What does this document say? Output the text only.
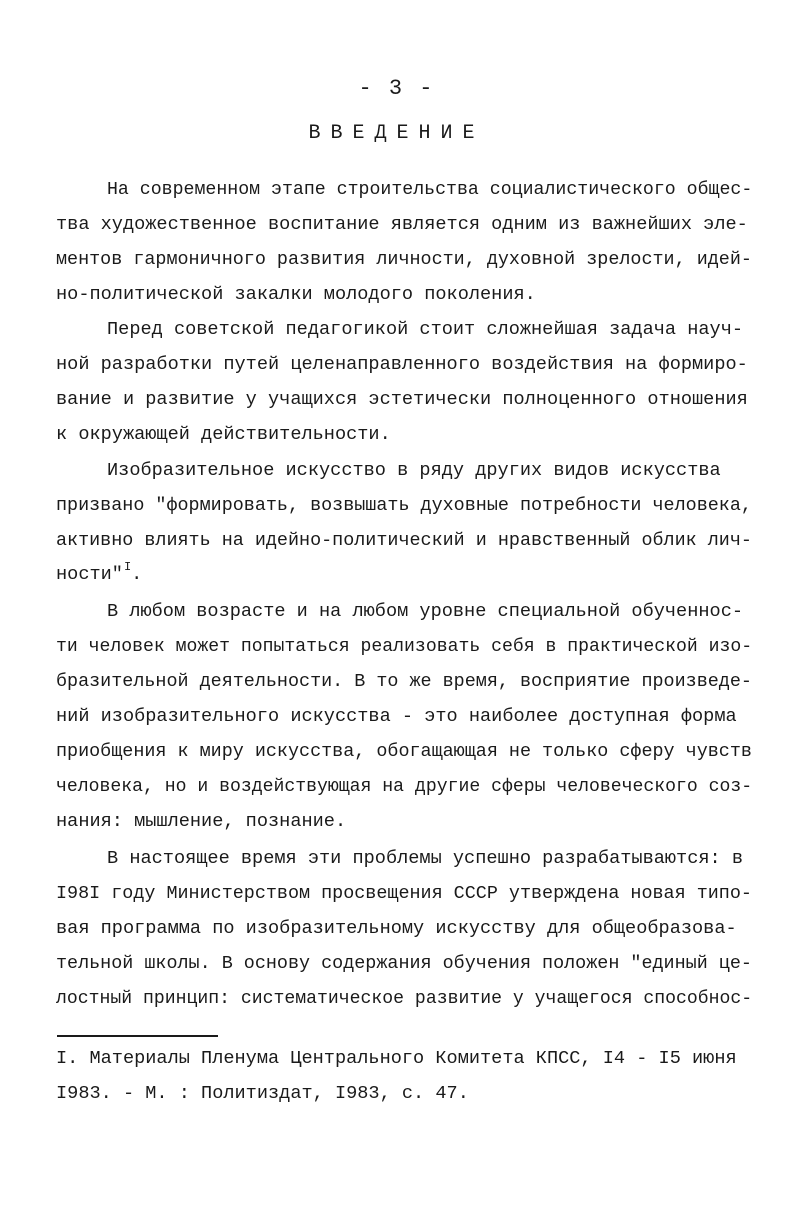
- 3 -
ВВЕДЕНИЕ
На современном этапе строительства социалистического общес-
тва художественное воспитание является одним из важнейших эле-
ментов гармоничного развития личности, духовной зрелости, идей-
но-политической закалки молодого поколения.
Перед советской педагогикой стоит сложнейшая задача науч-
ной разработки путей целенаправленного воздействия на формиро-
вание и развитие у учащихся эстетически полноценного отношения
к окружающей действительности.
Изобразительное искусство в ряду других видов искусства
призвано "формировать, возвышать духовные потребности человека,
активно влиять на идейно-политический и нравственный облик лич-
ности"$^I$.
В любом возрасте и на любом уровне специальной обученнос-
ти человек может попытаться реализовать себя в практической изо-
бразительной деятельности. В то же время, восприятие произведе-
ний изобразительного искусства - это наиболее доступная форма
приобщения к миру искусства, обогащающая не только сферу чувств
человека, но и воздействующая на другие сферы человеческого соз-
нания: мышление, познание.
В настоящее время эти проблемы успешно разрабатываются: в
I98I году Министерством просвещения СССР утверждена новая типо-
вая программа по изобразительному искусству для общеобразова-
тельной школы. В основу содержания обучения положен "единый це-
лостный принцип: систематическое развитие у учащегося способнос-
I. Материалы Пленума Центрального Комитета КПСС, I4 - I5 июня
I983. - М. : Политиздат, I983, с. 47.
